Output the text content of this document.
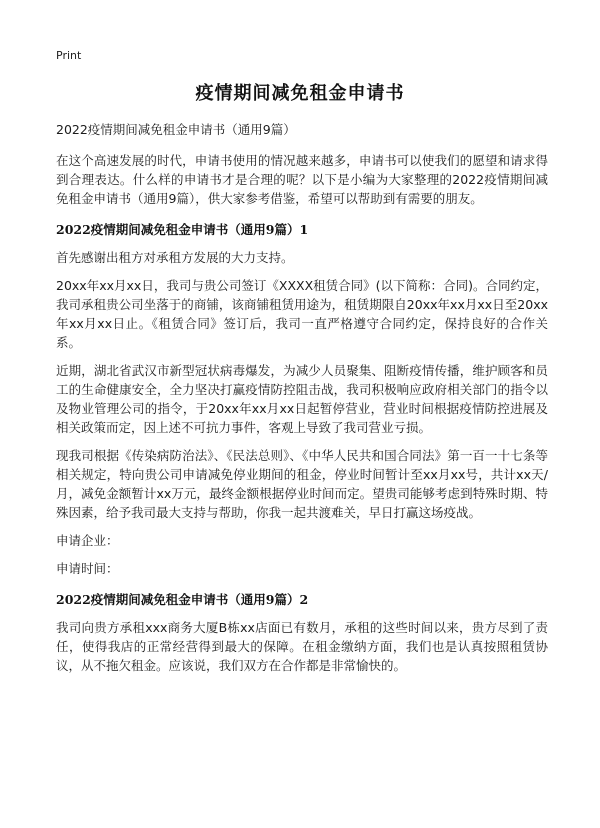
Print
疫情期间减免租金申请书

2022疫情期间减免租金申请书（通用9篇）

在这个高速发展的时代，申请书使用的情况越来越多，申请书可以使我们的愿望和请求得到合理表达。什么样的申请书才是合理的呢？以下是小编为大家整理的2022疫情期间减免租金申请书（通用9篇），供大家参考借鉴，希望可以帮助到有需要的朋友。

2022疫情期间减免租金申请书（通用9篇）1

首先感谢出租方对承租方发展的大力支持。

20xx年xx月xx日，我司与贵公司签订《XXXX租赁合同》(以下简称：合同)。合同约定，我司承租贵公司坐落于的商铺，该商铺租赁用途为，租赁期限自20xx年xx月xx日至20xx年xx月xx日止。《租赁合同》签订后，我司一直严格遵守合同约定，保持良好的合作关系。

近期，湖北省武汉市新型冠状病毒爆发，为减少人员聚集、阻断疫情传播，维护顾客和员工的生命健康安全，全力坚决打赢疫情防控阻击战，我司积极响应政府相关部门的指令以及物业管理公司的指令，于20xx年xx月xx日起暂停营业，营业时间根据疫情防控进展及相关政策而定，因上述不可抗力事件，客观上导致了我司营业亏损。

现我司根据《传染病防治法》、《民法总则》、《中华人民共和国合同法》第一百一十七条等相关规定，特向贵公司申请减免停业期间的租金，停业时间暂计至xx月xx号，共计xx天/月，减免金额暂计xx万元，最终金额根据停业时间而定。望贵司能够考虑到特殊时期、特殊因素，给予我司最大支持与帮助，你我一起共渡难关，早日打赢这场疫战。

申请企业：

申请时间：

2022疫情期间减免租金申请书（通用9篇）2

我司向贵方承租xxx商务大厦B栋xx店面已有数月，承租的这些时间以来，贵方尽到了责任，使得我店的正常经营得到最大的保障。在租金缴纳方面，我们也是认真按照租赁协议，从不拖欠租金。应该说，我们双方在合作都是非常愉快的。
